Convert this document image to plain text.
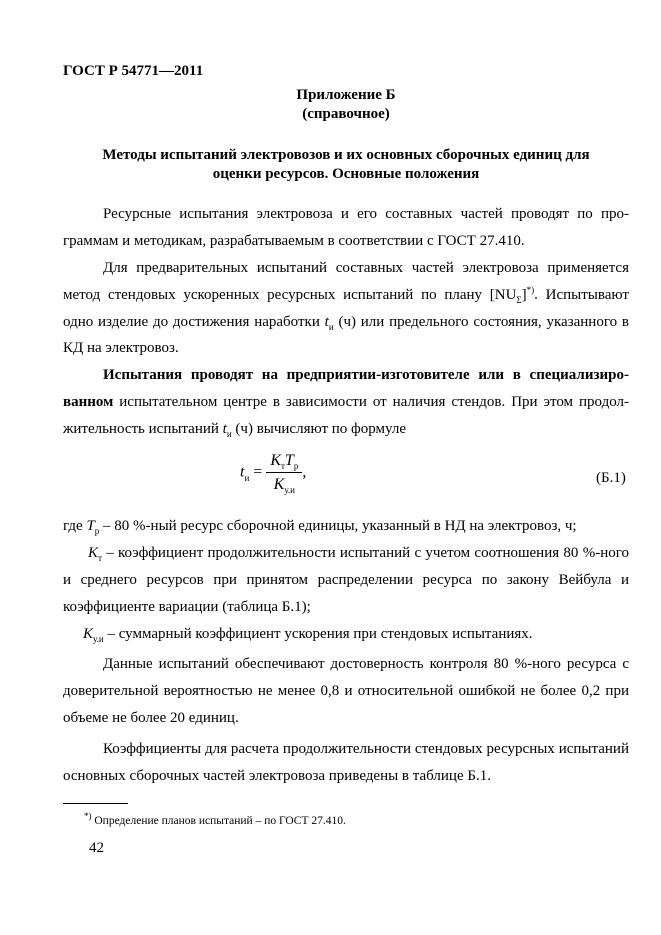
ГОСТ Р 54771—2011
Приложение Б
(справочное)
Методы испытаний электровозов и их основных сборочных единиц для
оценки ресурсов. Основные положения

Ресурсные испытания электровоза и его составных частей проводят по программам и методикам, разрабатываемым в соответствии с ГОСТ 27.410.

Для предварительных испытаний составных частей электровоза применяется метод стендовых ускоренных ресурсных испытаний по плану $[NU_\Sigma]^{*)}$. Испытывают одно изделие до достижения наработки $t_и$ (ч) или предельного состояния, указанного в КД на электровоз.

Испытания проводят на предприятии-изготовителе или в специализированном испытательном центре в зависимости от наличия стендов. При этом продолжительность испытаний $t_и$ (ч) вычисляют по формуле

$t_и = \frac{K_тT_р}{K_{у.и}}$ ,	(Б.1)

где $T_р - 80$ %-ный ресурс сборочной единицы, указанный в НД на электровоз, ч;

$K_т$ – коэффициент продолжительности испытаний с учетом соотношения 80 %-ного и среднего ресурсов при принятом распределении ресурса по закону Вейбула и коэффициенте вариации (таблица Б.1);

$K_{у.и}$ – суммарный коэффициент ускорения при стендовых испытаниях.

Данные испытаний обеспечивают достоверность контроля 80 %-ного ресурса с доверительной вероятностью не менее 0,8 и относительной ошибкой не более 0,2 при объеме не более 20 единиц.

Коэффициенты для расчета продолжительности стендовых ресурсных испытаний основных сборочных частей электровоза приведены в таблице Б.1.

*) Определение планов испытаний – по ГОСТ 27.410.
42
